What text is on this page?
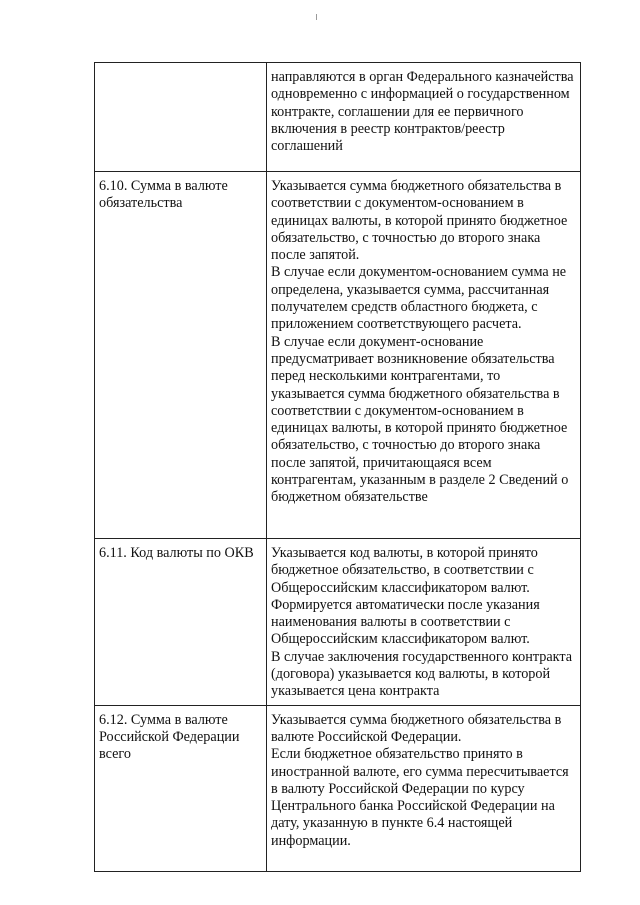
	направляются в орган Федерального казначейства одновременно с информацией о государственном контракте, соглашении для ее первичного включения в реестр контрактов/реестр соглашений

6.10. Сумма в валюте обязательства	Указывается сумма бюджетного обязательства в соответствии с документом-основанием в единицах валюты, в которой принято бюджетное обязательство, с точностью до второго знака после запятой.
В случае если документом-основанием сумма не определена, указывается сумма, рассчитанная получателем средств областного бюджета, с приложением соответствующего расчета.
В случае если документ-основание предусматривает возникновение обязательства перед несколькими контрагентами, то указывается сумма бюджетного обязательства в соответствии с документом-основанием в единицах валюты, в которой принято бюджетное обязательство, с точностью до второго знака после запятой, причитающаяся всем контрагентам, указанным в разделе 2 Сведений о бюджетном обязательстве

6.11. Код валюты по ОКВ	Указывается код валюты, в которой принято бюджетное обязательство, в соответствии с Общероссийским классификатором валют.
Формируется автоматически после указания наименования валюты в соответствии с Общероссийским классификатором валют.
В случае заключения государственного контракта (договора) указывается код валюты, в которой указывается цена контракта

6.12. Сумма в валюте Российской Федерации всего	Указывается сумма бюджетного обязательства в валюте Российской Федерации.
Если бюджетное обязательство принято в иностранной валюте, его сумма пересчитывается в валюту Российской Федерации по курсу Центрального банка Российской Федерации на дату, указанную в пункте 6.4 настоящей информации.
